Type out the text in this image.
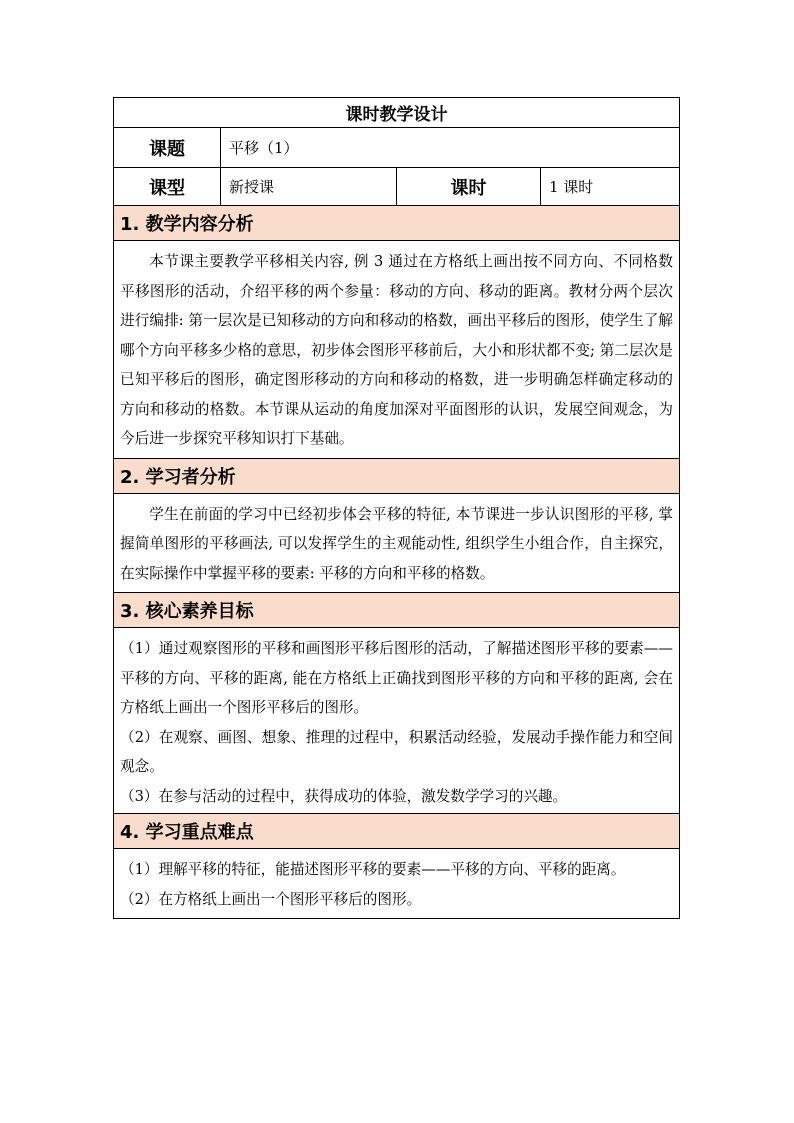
课时教学设计
课题	平移（1）
课型	新授课	课时	1 课时
1. 教学内容分析

本节课主要教学平移相关内容, 例 3 通过在方格纸上画出按不同方向、不同格数平移图形的活动，介绍平移的两个参量：移动的方向、移动的距离。教材分两个层次进行编排: 第一层次是已知移动的方向和移动的格数，画出平移后的图形，使学生了解哪个方向平移多少格的意思，初步体会图形平移前后，大小和形状都不变; 第二层次是已知平移后的图形，确定图形移动的方向和移动的格数，进一步明确怎样确定移动的方向和移动的格数。本节课从运动的角度加深对平面图形的认识，发展空间观念，为今后进一步探究平移知识打下基础。

2. 学习者分析

学生在前面的学习中已经初步体会平移的特征, 本节课进一步认识图形的平移, 掌握简单图形的平移画法, 可以发挥学生的主观能动性, 组织学生小组合作，自主探究，在实际操作中掌握平移的要素: 平移的方向和平移的格数。

3. 核心素养目标

（1）通过观察图形的平移和画图形平移后图形的活动，了解描述图形平移的要素——平移的方向、平移的距离, 能在方格纸上正确找到图形平移的方向和平移的距离, 会在方格纸上画出一个图形平移后的图形。

（2）在观察、画图、想象、推理的过程中，积累活动经验，发展动手操作能力和空间观念。

（3）在参与活动的过程中，获得成功的体验，激发数学学习的兴趣。

4. 学习重点难点

（1）理解平移的特征，能描述图形平移的要素——平移的方向、平移的距离。

（2）在方格纸上画出一个图形平移后的图形。
